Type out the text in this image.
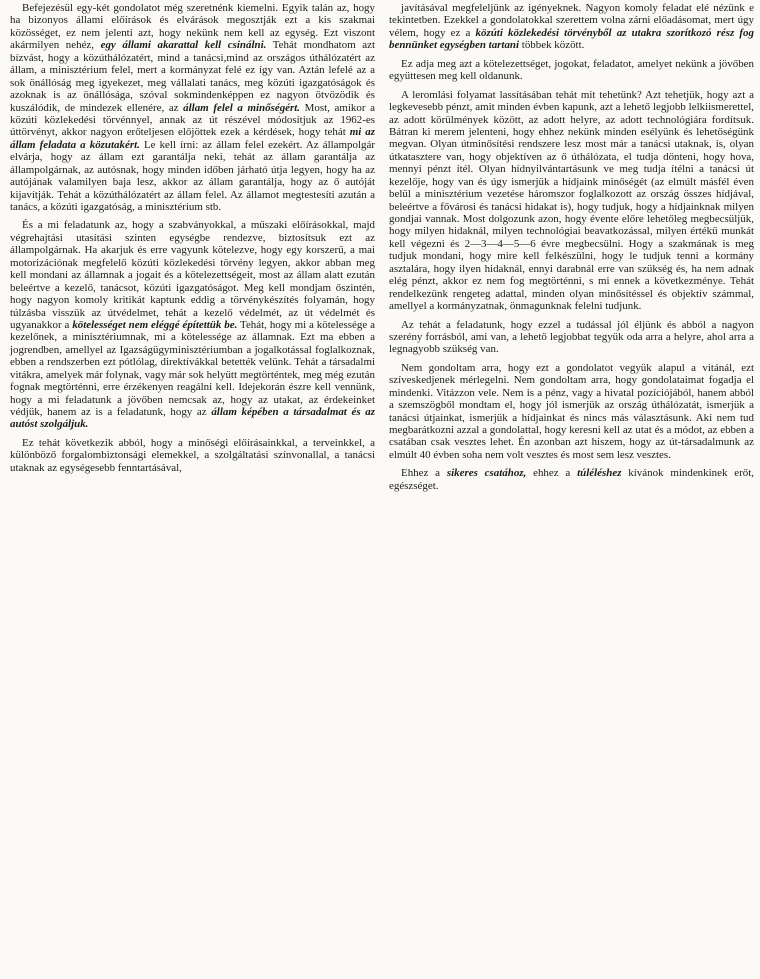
Befejezésül egy-két gondolatot még szeretnénk kiemelni. Egyik talán az, hogy ha bizonyos állami előírások és elvárások megosztják ezt a kis szakmai közösséget, ez nem jelenti azt, hogy nekünk nem kell az egység. Ezt viszont akármilyen nehéz, egy állami akarattal kell csinálni. Tehát mondhatom azt bízvást, hogy a közúthálózatért, mind a tanácsi,mind az országos úthálózatért az állam, a minisztérium felel, mert a kormányzat felé ez így van. Aztán lefelé az a sok önállóság meg igyekezet, meg vállalati tanács, meg közúti igazgatóságok és azoknak is az önállósága, szóval sokmindenképpen ez nagyon ötvözödik és kuszálódik, de mindezek ellenére, az állam felel a minőségért. Most, amikor a közúti közlekedési törvénnyel, annak az út részével módosítjuk az 1962-es úttörvényt, akkor nagyon erőteljesen előjöttek ezek a kérdések, hogy tehát mi az állam feladata a közutakért. Le kell írni: az állam felel ezekért. Az állampolgár elvárja, hogy az állam ezt garantálja neki, tehát az állam garantálja az állampolgárnak, az autósnak, hogy minden időben járható útja legyen, hogy ha az autójának valamilyen baja lesz, akkor az állam garantálja, hogy az ő autóját kijavítják. Tehát a közúthálózatért az állam felel. Az államot megtestesíti azután a tanács, a közúti igazgatóság, a minisztérium stb.

És a mi feladatunk az, hogy a szabványokkal, a műszaki előírásokkal, majd végrehajtási utasítási szinten egységbe rendezve, biztosítsuk ezt az állampolgárnak. Ha akarjuk és erre vagyunk kötelezve, hogy egy korszerű, a mai motorizációnak megfelelő közúti közlekedési törvény legyen, akkor abban meg kell mondani az államnak a jogait és a kötelezettségeit, most az állam alatt ezután beleértve a kezelő, tanácsot, közúti igazgatóságot. Meg kell mondjam őszintén, hogy nagyon komoly kritikát kaptunk eddig a törvénykészítés folyamán, hogy túlzásba visszük az útvédelmet, tehát a kezelő védelmét, az út védelmét és ugyanakkor a kötelességet nem eléggé építettük be. Tehát, hogy mi a kötelessége a kezelőnek, a minisztériumnak, mi a kötelessége az államnak. Ezt ma ebben a jogrendben, amellyel az Igazságügyminisztériumban a jogalkotással foglalkoznak, ebben a rendszerben ezt pótlólag, direktívákkal betették velünk. Tehát a társadalmi vitákra, amelyek már folynak, vagy már sok helyütt megtörténtek, meg még ezután fognak megtörténni, erre érzékenyen reagálni kell. Idejekorán észre kell vennünk, hogy a mi feladatunk a jövőben nemcsak az, hogy az utakat, az érdekeinket védjük, hanem az is a feladatunk, hogy az állam képében a társadalmat és az autóst szolgáljuk.

Ez tehát következik abból, hogy a minőségi előírásainkkal, a terveinkkel, a különböző forgalombiztonsági elemekkel, a szolgáltatási színvonallal, a tanácsi utaknak az egységesebb fenntartásával,

javításával megfeleljünk az igényeknek. Nagyon komoly feladat elé nézünk e tekintetben. Ezekkel a gondolatokkal szerettem volna zárni előadásomat, mert úgy vélem, hogy ez a közúti közlekedési törvényből az utakra szorítkozó rész fog bennünket egységben tartani többek között.

Ez adja meg azt a kötelezettséget, jogokat, feladatot, amelyet nekünk a jövőben együttesen meg kell oldanunk.

A leromlási folyamat lassításában tehát mit tehetünk? Azt tehetjük, hogy azt a legkevesebb pénzt, amit minden évben kapunk, azt a lehető legjobb lelkiismerettel, az adott körülmények között, az adott helyre, az adott technológiára fordítsuk. Bátran ki merem jelenteni, hogy ehhez nekünk minden esélyünk és lehetőségünk megvan. Olyan útminősítési rendszere lesz most már a tanácsi utaknak, is, olyan útkatasztere van, hogy objektíven az ő úthálózata, el tudja dönteni, hogy hova, mennyi pénzt ítél. Olyan hídnyilvántartásunk ve meg tudja ítélni a tanácsi út kezelője, hogy van és úgy ismerjük a hídjaink minőségét (az elmúlt másfél éven belül a minisztérium vezetése háromszor foglalkozott az ország összes hídjával, beleértve a fővárosi és tanácsi hidakat is), hogy tudjuk, hogy a hídjainknak milyen gondjai vannak. Most dolgozunk azon, hogy évente előre lehetőleg megbecsüljük, hogy milyen hidaknál, milyen technológiai beavatkozással, milyen értékű munkát kell végezni és 2—3—4—5—6 évre megbecsülni. Hogy a szakmának is meg tudjuk mondani, hogy mire kell felkészülni, hogy le tudjuk tenni a kormány asztalára, hogy ilyen hidaknál, ennyi darabnál erre van szükség és, ha nem adnak elég pénzt, akkor ez nem fog megtörténni, s mi ennek a következménye. Tehát rendelkezünk rengeteg adattal, minden olyan minősítéssel és objektív számmal, amellyel a kormányzatnak, önmagunknak felelni tudjunk.

Az tehát a feladatunk, hogy ezzel a tudással jól éljünk és abból a nagyon szerény forrásból, ami van, a lehető legjobbat tegyük oda arra a helyre, ahol arra a legnagyobb szükség van.

Nem gondoltam arra, hogy ezt a gondolatot vegyük alapul a vitánál, ezt szíveskedjenek mérlegelni. Nem gondoltam arra, hogy gondolataimat fogadja el mindenki. Vitázzon vele. Nem is a pénz, vagy a hivatal pozíciójából, hanem abból a szemszögből mondtam el, hogy jól ismerjük az ország úthálózatát, ismerjük a tanácsi útjainkat, ismerjük a hídjainkat és nincs más választásunk. Aki nem tud megbarátkozni azzal a gondolattal, hogy keresni kell az utat és a módot, az ebben a csatában csak vesztes lehet. Én azonban azt hiszem, hogy az út-társadalmunk az elmúlt 40 évben soha nem volt vesztes és most sem lesz vesztes.

Ehhez a sikeres csatához, ehhez a túléléshez kívánok mindenkinek erőt, egészséget.
